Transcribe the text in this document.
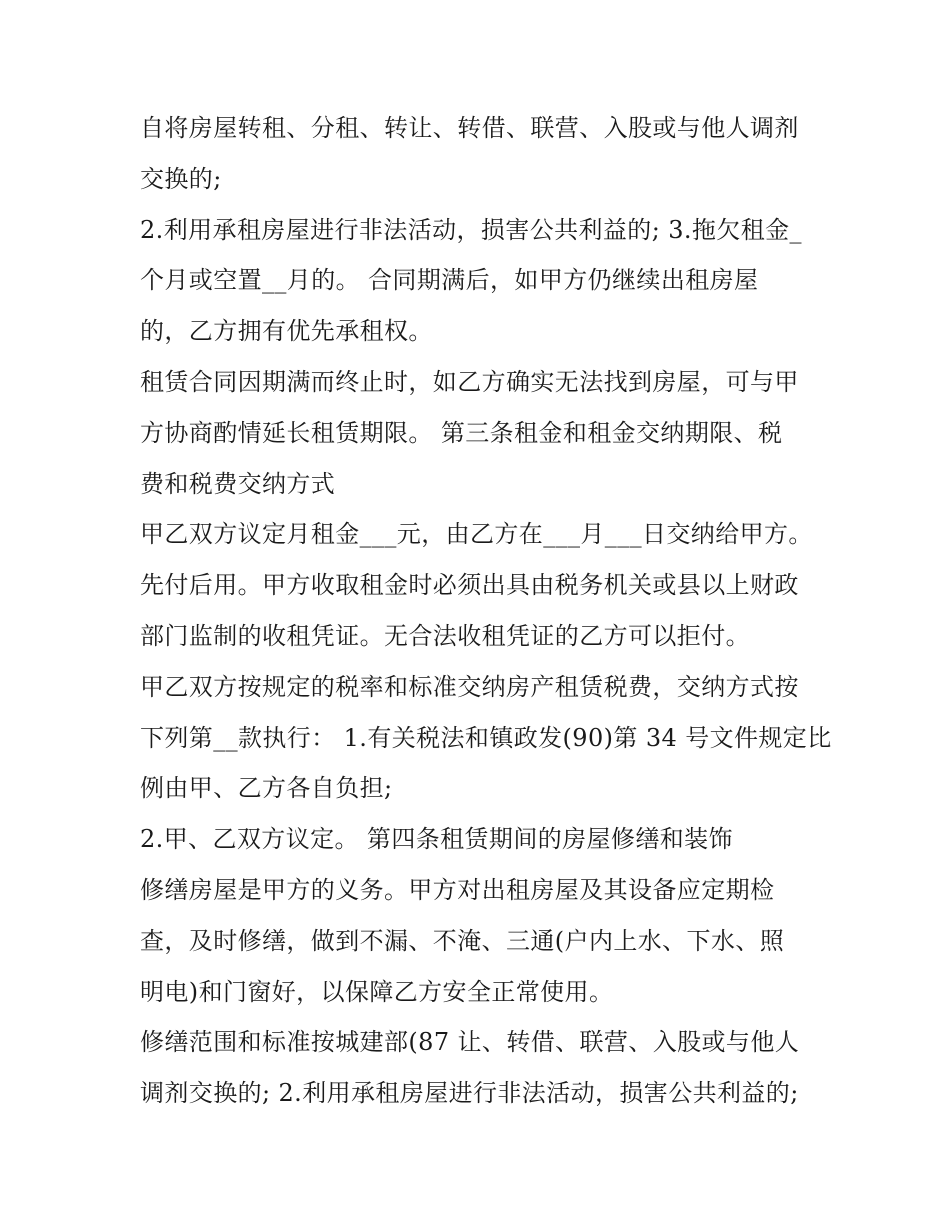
自将房屋转租、分租、转让、转借、联营、入股或与他人调剂
交换的;
2.利用承租房屋进行非法活动，损害公共利益的; 3.拖欠租金_
个月或空置__月的。 合同期满后，如甲方仍继续出租房屋
的，乙方拥有优先承租权。
租赁合同因期满而终止时，如乙方确实无法找到房屋，可与甲
方协商酌情延长租赁期限。 第三条租金和租金交纳期限、税
费和税费交纳方式
甲乙双方议定月租金___元，由乙方在___月___日交纳给甲方。
先付后用。甲方收取租金时必须出具由税务机关或县以上财政
部门监制的收租凭证。无合法收租凭证的乙方可以拒付。
甲乙双方按规定的税率和标准交纳房产租赁税费，交纳方式按
下列第__款执行： 1.有关税法和镇政发(90)第 34 号文件规定比
例由甲、乙方各自负担;
2.甲、乙双方议定。 第四条租赁期间的房屋修缮和装饰
修缮房屋是甲方的义务。甲方对出租房屋及其设备应定期检
查，及时修缮，做到不漏、不淹、三通(户内上水、下水、照
明电)和门窗好，以保障乙方安全正常使用。
修缮范围和标准按城建部(87 让、转借、联营、入股或与他人
调剂交换的; 2.利用承租房屋进行非法活动，损害公共利益的;
